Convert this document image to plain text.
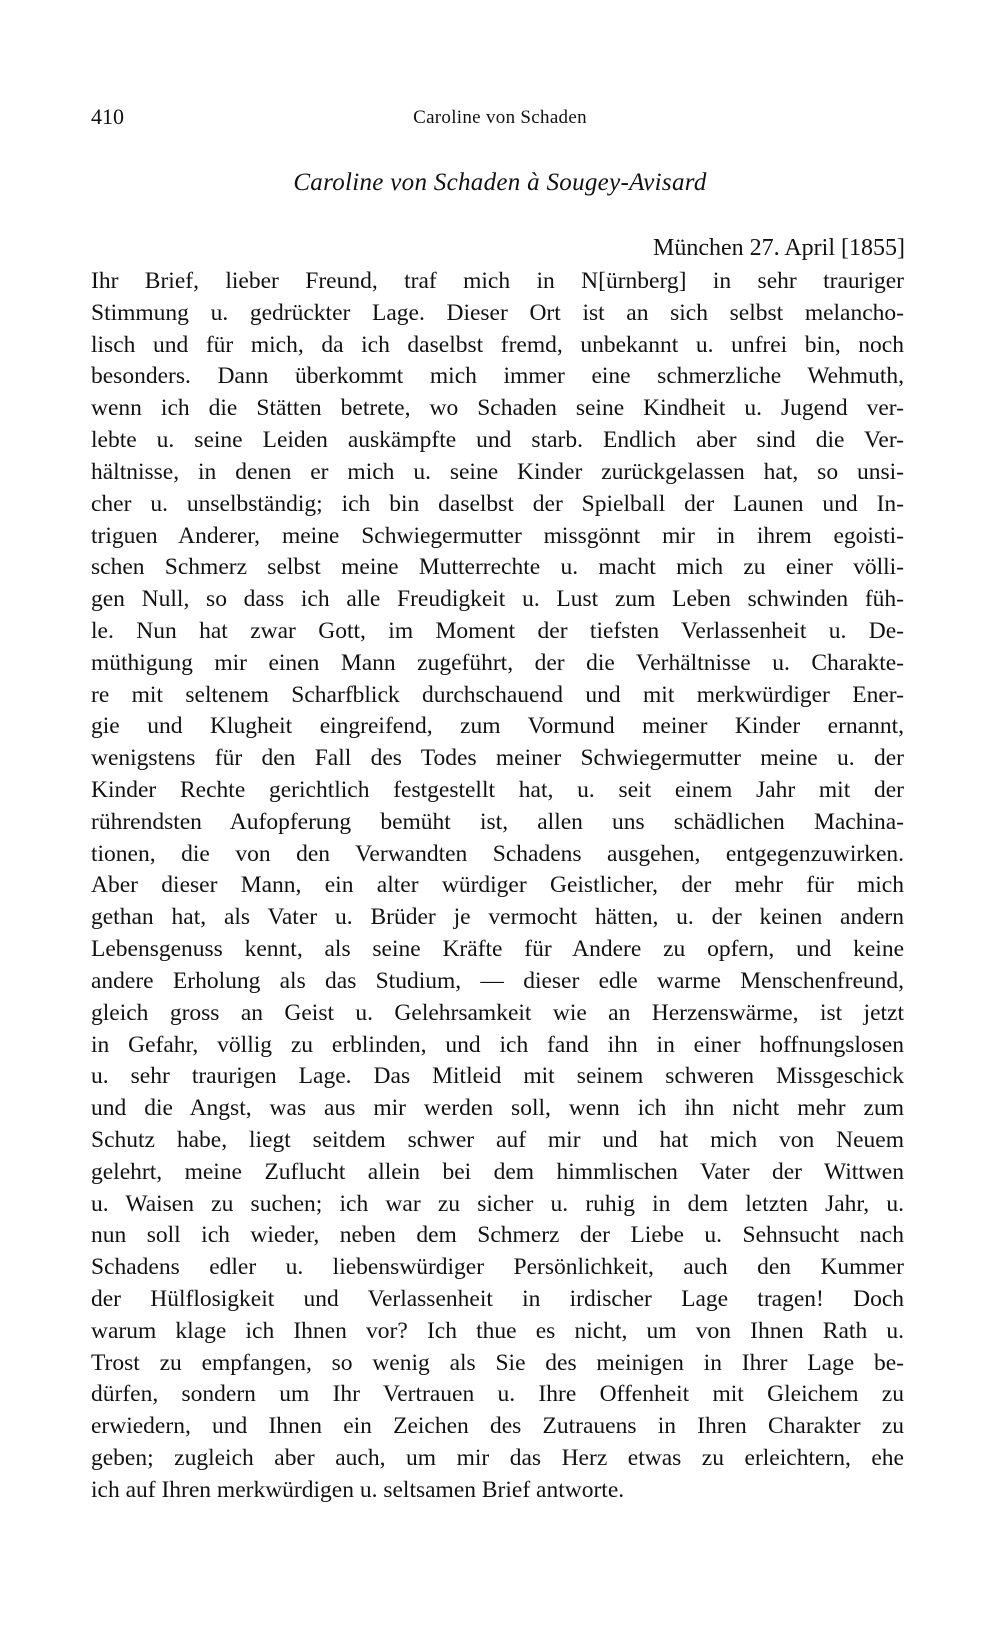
410	Caroline von Schaden
Caroline von Schaden à Sougey-Avisard
München 27. April [1855]
Ihr Brief, lieber Freund, traf mich in N[ürnberg] in sehr trauriger
Stimmung u. gedrückter Lage. Dieser Ort ist an sich selbst melancho-
lisch und für mich, da ich daselbst fremd, unbekannt u. unfrei bin, noch
besonders. Dann überkommt mich immer eine schmerzliche Wehmuth,
wenn ich die Stätten betrete, wo Schaden seine Kindheit u. Jugend ver-
lebte u. seine Leiden auskämpfte und starb. Endlich aber sind die Ver-
hältnisse, in denen er mich u. seine Kinder zurückgelassen hat, so unsi-
cher u. unselbständig; ich bin daselbst der Spielball der Launen und In-
triguen Anderer, meine Schwiegermutter missgönnt mir in ihrem egoisti-
schen Schmerz selbst meine Mutterrechte u. macht mich zu einer völli-
gen Null, so dass ich alle Freudigkeit u. Lust zum Leben schwinden füh-
le. Nun hat zwar Gott, im Moment der tiefsten Verlassenheit u. De-
müthigung mir einen Mann zugeführt, der die Verhältnisse u. Charakte-
re mit seltenem Scharfblick durchschauend und mit merkwürdiger Ener-
gie und Klugheit eingreifend, zum Vormund meiner Kinder ernannt,
wenigstens für den Fall des Todes meiner Schwiegermutter meine u. der
Kinder Rechte gerichtlich festgestellt hat, u. seit einem Jahr mit der
rührendsten Aufopferung bemüht ist, allen uns schädlichen Machina-
tionen, die von den Verwandten Schadens ausgehen, entgegenzuwirken.
Aber dieser Mann, ein alter würdiger Geistlicher, der mehr für mich
gethan hat, als Vater u. Brüder je vermocht hätten, u. der keinen andern
Lebensgenuss kennt, als seine Kräfte für Andere zu opfern, und keine
andere Erholung als das Studium, — dieser edle warme Menschenfreund,
gleich gross an Geist u. Gelehrsamkeit wie an Herzenswärme, ist jetzt
in Gefahr, völlig zu erblinden, und ich fand ihn in einer hoffnungslosen
u. sehr traurigen Lage. Das Mitleid mit seinem schweren Missgeschick
und die Angst, was aus mir werden soll, wenn ich ihn nicht mehr zum
Schutz habe, liegt seitdem schwer auf mir und hat mich von Neuem
gelehrt, meine Zuflucht allein bei dem himmlischen Vater der Wittwen
u. Waisen zu suchen; ich war zu sicher u. ruhig in dem letzten Jahr, u.
nun soll ich wieder, neben dem Schmerz der Liebe u. Sehnsucht nach
Schadens edler u. liebenswürdiger Persönlichkeit, auch den Kummer
der Hülflosigkeit und Verlassenheit in irdischer Lage tragen! Doch
warum klage ich Ihnen vor? Ich thue es nicht, um von Ihnen Rath u.
Trost zu empfangen, so wenig als Sie des meinigen in Ihrer Lage be-
dürfen, sondern um Ihr Vertrauen u. Ihre Offenheit mit Gleichem zu
erwiedern, und Ihnen ein Zeichen des Zutrauens in Ihren Charakter zu
geben; zugleich aber auch, um mir das Herz etwas zu erleichtern, ehe
ich auf Ihren merkwürdigen u. seltsamen Brief antworte.
